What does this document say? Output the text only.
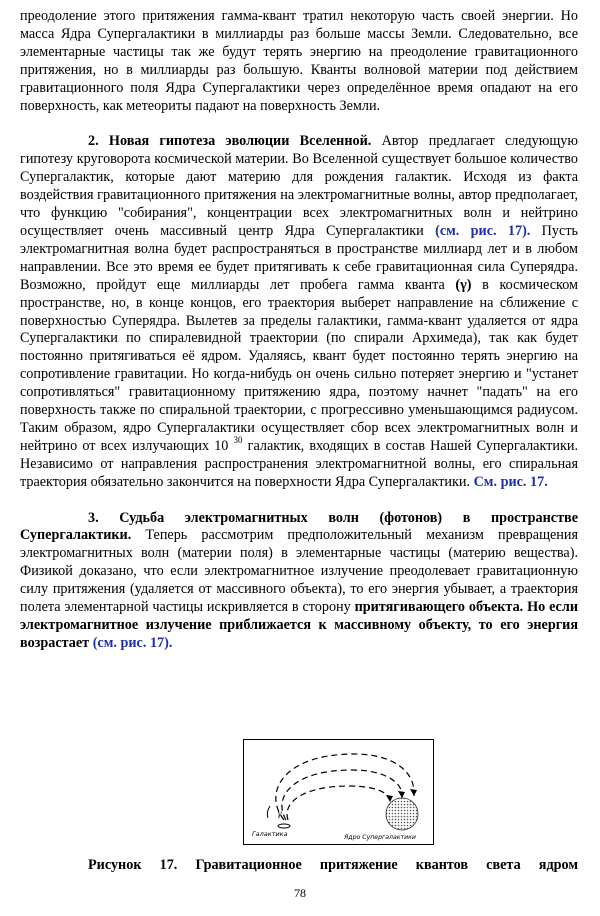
преодоление этого притяжения гамма-квант тратил некоторую часть своей энергии. Но масса Ядра Супергалактики в миллиарды раз больше массы Земли. Следовательно, все элементарные частицы так же будут терять энергию на преодоление гравитационного притяжения, но в миллиарды раз большую. Кванты волновой материи под действием гравитационного поля Ядра Супергалактики через определённое время опадают на его поверхность, как метеориты падают на поверхность Земли.

2. Новая гипотеза эволюции Вселенной. Автор предлагает следующую гипотезу круговорота космической материи. Во Вселенной существует большое количество Супергалактик, которые дают материю для рождения галактик. Исходя из факта воздействия гравитационного притяжения на электромагнитные волны, автор предполагает, что функцию "собирания", концентрации всех электромагнитных волн и нейтрино осуществляет очень массивный центр Ядра Супергалактики (см. рис. 17). Пусть электромагнитная волна будет распространяться в пространстве миллиард лет и в любом направлении. Все это время ее будет притягивать к себе гравитационная сила Суперядра. Возможно, пройдут еще миллиарды лет пробега гамма кванта (γ) в космическом пространстве, но, в конце концов, его траектория выберет направление на сближение с поверхностью Суперядра. Вылетев за пределы галактики, гамма-квант удаляется от ядра Супергалактики по спиралевидной траектории (по спирали Архимеда), так как будет постоянно притягиваться её ядром. Удаляясь, квант будет постоянно терять энергию на сопротивление гравитации. Но когда-нибудь он очень сильно потеряет энергию и "устанет сопротивляться" гравитационному притяжению ядра, поэтому начнет "падать" на его поверхность также по спиральной траектории, с прогрессивно уменьшающимся радиусом. Таким образом, ядро Супергалактики осуществляет сбор всех электромагнитных волн и нейтрино от всех излучающих 10 $^{30}$ галактик, входящих в состав Нашей Супергалактики. Независимо от направления распространения электромагнитной волны, его спиральная траектория обязательно закончится на поверхности Ядра Супергалактики. См. рис. 17.

3. Судьба электромагнитных волн (фотонов) в пространстве Супергалактики. Теперь рассмотрим предположительный механизм превращения электромагнитных волн (материи поля) в элементарные частицы (материю вещества). Физикой доказано, что если электромагнитное излучение преодолевает гравитационную силу притяжения (удаляется от массивного объекта), то его энергия убывает, а траектория полета элементарной частицы искривляется в сторону притягивающего объекта. Но если электромагнитное излучение приближается к массивному объекту, то его энергия возрастает (см. рис. 17).

γ
Галактика	Ядро Супергалактики
Рисунок 17. Гравитационное притяжение квантов света ядром
78
